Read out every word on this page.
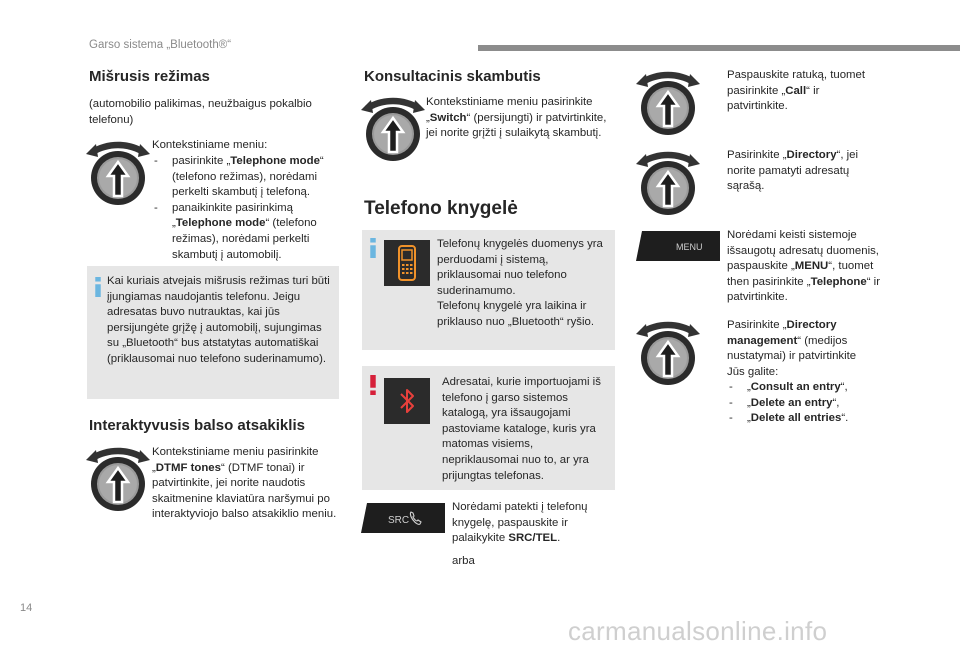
Garso sistema „Bluetooth®“
Mišrusis režimas
(automobilio palikimas, neužbaigus pokalbio telefonu)
Kontekstiniame meniu:
- pasirinkite „Telephone mode“ (telefono režimas), norėdami perkelti skambutį į telefoną.
- panaikinkite pasirinkimą „Telephone mode“ (telefono režimas), norėdami perkelti skambutį į automobilį.
Kai kuriais atvejais mišrusis režimas turi būti įjungiamas naudojantis telefonu. Jeigu adresatas buvo nutrauktas, kai jūs persijungėte grįžę į automobilį, sujungimas su „Bluetooth“ bus atstatytas automatiškai (priklausomai nuo telefono suderinamumo).
Interaktyvusis balso atsakiklis
Kontekstiniame meniu pasirinkite „DTMF tones“ (DTMF tonai) ir patvirtinkite, jei norite naudotis skaitmenine klaviatūra naršymui po interaktyviojo balso atsakiklio meniu.
Konsultacinis skambutis
Kontekstiniame meniu pasirinkite „Switch“ (persijungti) ir patvirtinkite, jei norite grįžti į sulaikytą skambutį.
Telefono knygelė
Telefonų knygelės duomenys yra perduodami į sistemą, priklausomai nuo telefono suderinamumo.
Telefonų knygelė yra laikina ir priklauso nuo „Bluetooth“ ryšio.
Adresatai, kurie importuojami iš telefono į garso sistemos katalogą, yra išsaugojami pastoviame kataloge, kuris yra matomas visiems, nepriklausomai nuo to, ar yra prijungtas telefonas.
SRC
Norėdami patekti į telefonų knygelę, paspauskite ir palaikykite SRC/TEL.
arba
Paspauskite ratuką, tuomet pasirinkite „Call“ ir patvirtinkite.
Pasirinkite „Directory“, jei norite pamatyti adresatų sąrašą.
MENU
Norėdami keisti sistemoje išsaugotų adresatų duomenis, paspauskite „MENU“, tuomet then pasirinkite „Telephone“ ir patvirtinkite.
Pasirinkite „Directory management“ (medijos nustatymai) ir patvirtinkite
Jūs galite:
- „Consult an entry“,
- „Delete an entry“,
- „Delete all entries“.
14
carmanualsonline.info
